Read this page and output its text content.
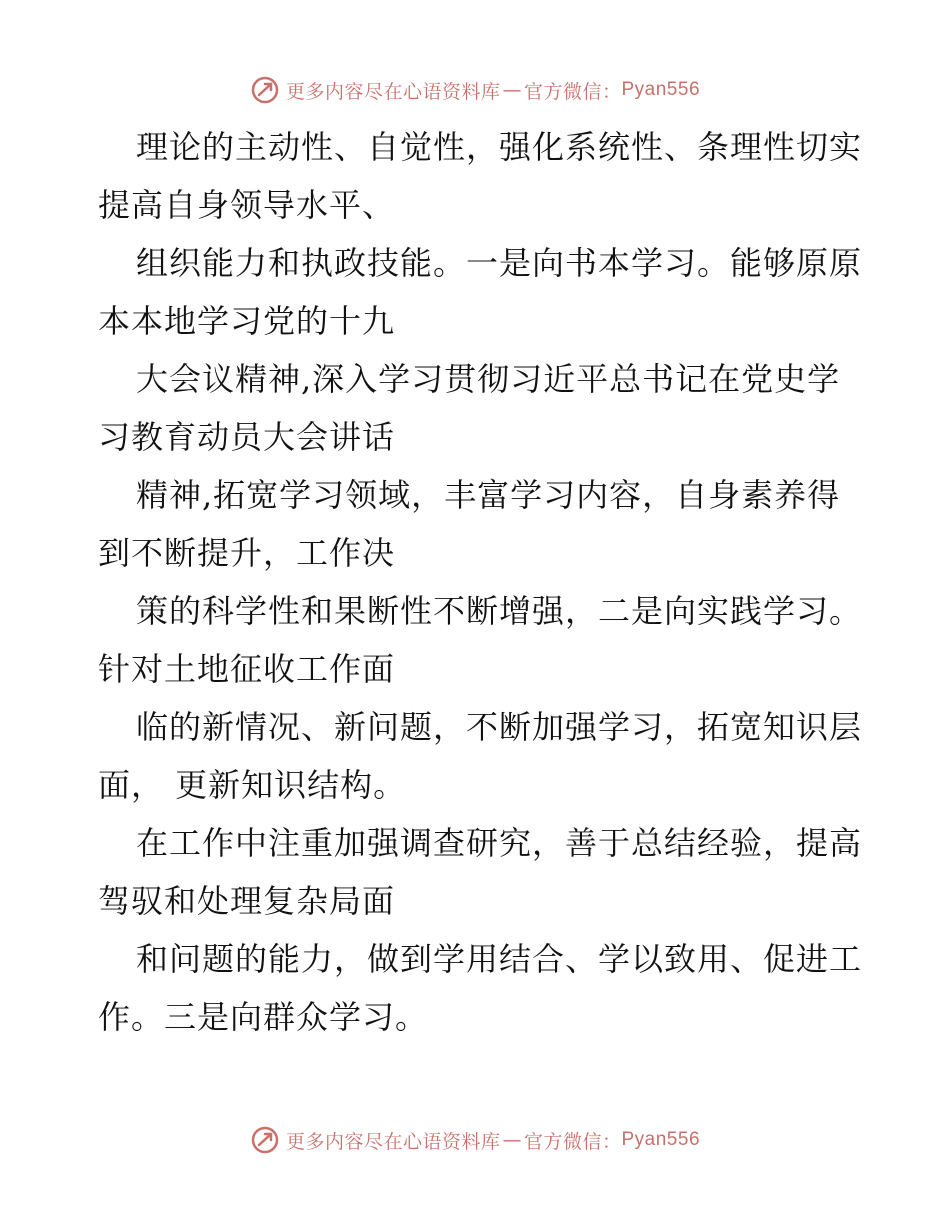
更多内容尽在心语资料库 — 官方微信： Pyan556

理论的主动性、自觉性，强化系统性、条理性切实提高自身领导水平、

组织能力和执政技能。一是向书本学习。能够原原本本地学习党的十九

大会议精神,深入学习贯彻习近平总书记在党史学习教育动员大会讲话

精神,拓宽学习领域，丰富学习内容，自身素养得到不断提升，工作决

策的科学性和果断性不断增强，二是向实践学习。针对土地征收工作面

临的新情况、新问题，不断加强学习，拓宽知识层面， 更新知识结构。

在工作中注重加强调查研究，善于总结经验，提高驾驭和处理复杂局面

和问题的能力，做到学用结合、学以致用、促进工作。三是向群众学习。

更多内容尽在心语资料库 — 官方微信： Pyan556
